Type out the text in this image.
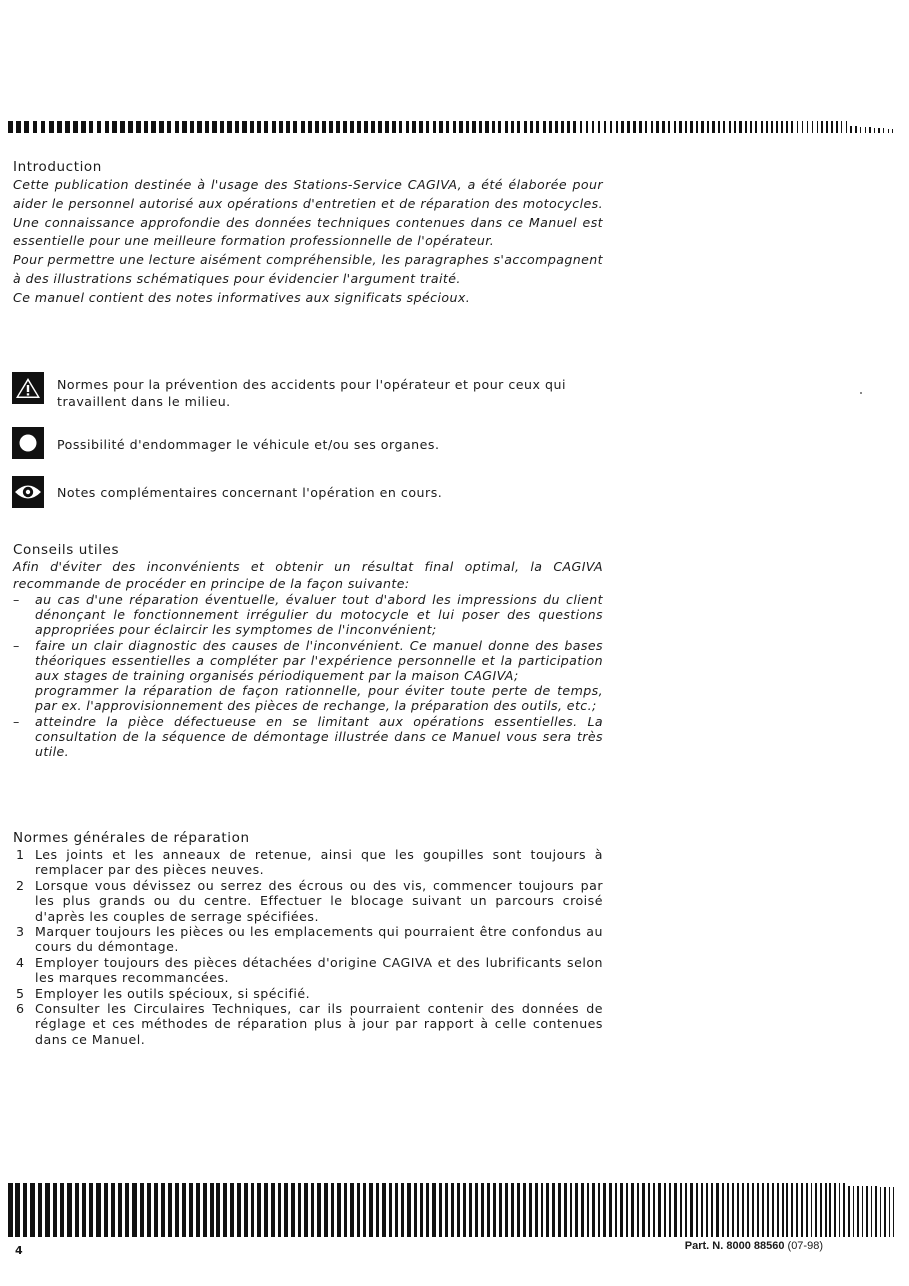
Introduction

Cette publication destinée à l'usage des Stations-Service CAGIVA, a été élaborée pour aider le personnel autorisé aux opérations d'entretien et de réparation des motocycles. Une connaissance approfondie des données techniques contenues dans ce Manuel est essentielle pour une meilleure formation professionnelle de l'opérateur.

Pour permettre une lecture aisément compréhensible, les paragraphes s'accompagnent à des illustrations schématiques pour évidencier l'argument traité.

Ce manuel contient des notes informatives aux significats spécioux.

Normes pour la prévention des accidents pour l'opérateur et pour ceux qui travaillent dans le milieu.
Possibilité d'endommager le véhicule et/ou ses organes.
Notes complémentaires concernant l'opération en cours.
Conseils utiles

Afin d'éviter des inconvénients et obtenir un résultat final optimal, la CAGIVA recommande de procéder en principe de la façon suivante:

– au cas d'une réparation éventuelle, évaluer tout d'abord les impressions du client dénonçant le fonctionnement irrégulier du motocycle et lui poser des questions appropriées pour éclaircir les symptomes de l'inconvénient;
– faire un clair diagnostic des causes de l'inconvénient. Ce manuel donne des bases théoriques essentielles a compléter par l'expérience personnelle et la participation aux stages de training organisés périodiquement par la maison CAGIVA;
programmer la réparation de façon rationnelle, pour éviter toute perte de temps, par ex. l'approvisionnement des pièces de rechange, la préparation des outils, etc.;
– atteindre la pièce défectueuse en se limitant aux opérations essentielles. La consultation de la séquence de démontage illustrée dans ce Manuel vous sera très utile.
Normes générales de réparation
1 Les joints et les anneaux de retenue, ainsi que les goupilles sont toujours à remplacer par des pièces neuves.
2 Lorsque vous dévissez ou serrez des écrous ou des vis, commencer toujours par les plus grands ou du centre. Effectuer le blocage suivant un parcours croisé d'après les couples de serrage spécifiées.
3 Marquer toujours les pièces ou les emplacements qui pourraient être confondus au cours du démontage.
4 Employer toujours des pièces détachées d'origine CAGIVA et des lubrificants selon les marques recommancées.
5 Employer les outils spécioux, si spécifié.
6 Consulter les Circulaires Techniques, car ils pourraient contenir des données de réglage et ces méthodes de réparation plus à jour par rapport à celle contenues dans ce Manuel.
4	Part. N. 8000 88560 (07-98)
